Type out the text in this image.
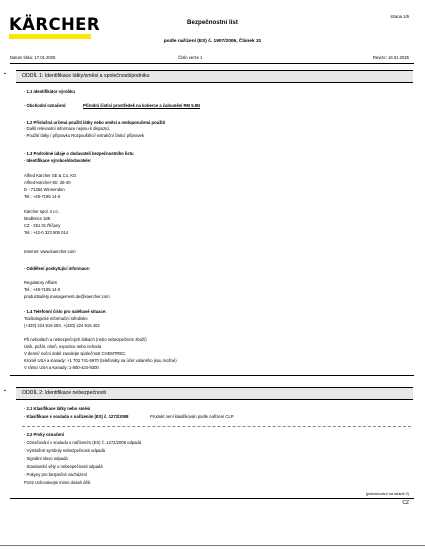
KÄRCHER	strana 1/6
Bezpečnostní list
podle nařízení (ES) č. 1907/2006, Článek 31
Datum tisku: 17.01.2025	Číslo verze 1	Revize: 16.01.2025
▪	ODDÍL 1: Identifikace látky/směsi a společnosti/podniku
· 1.1 Identifikátor výrobku
· Obchodní označení:	Přírodní čisticí prostředek na koberce a čalounění RM 5.5N
· 1.2 Příslušná určená použití látky nebo směsi a nedoporučená použití
· Další relevantní informace nejsou k dispozici.
· Použití látky / přípravku Rozpouštěcí/ extrakční čisticí přípravek
· 1.3 Podrobné údaje o dodavateli bezpečnostního listu
· Identifikace výrobce/dodavatele:
Alfred Kärcher SE & Co. KG
Alfred-Kärcher-Str. 28-40
D - 71364 Winnenden
Tel.: +49-7195 14-0
Kärcher spol. s r.o.
Modletice 185
CZ - 251 01 Říčany
Tel.: +42-0 323 606 014
Internet: www.kaercher.com
· Oddělení poskytující informace:
Regulatory Affairs
Tel.: +49-7195 14-0
productsafety.management.de@kaercher.com
· 1.4 Telefonní číslo pro naléhavé situace:
Toxikologické informační středisko
(+420) 224 919 293, +(420) 224 915 402
Při nehodách a nebezpečných látkách (nebo nebezpečném zboží)
Únik, požár, oheň, expozice nebo nehoda
V denní/ noční době zavolejte společnost CHEMTREC.
Kromě USA a Kanady: +1 703 741-5970 (telefonáty na účet volaného jsou možné)
V rámci USA a Kanady: 1-800-424-9300
▪	ODDÍL 2: Identifikace nebezpečnosti
· 2.1 Klasifikace látky nebo směsi
· Klasifikace v souladu s nařízením (ES) č. 1272/2008	Produkt není klasifikován podle nařízení CLP.
· 2.2 Prvky označení
· Označování v souladu s nařízením (ES) č. 1272/2008 odpadá
· Výstražné symboly nebezpečnosti odpadá
· Signální slovo odpadá
· Standardní věty o nebezpečnosti odpadá
· Pokyny pro bezpečné zacházení
P102 Uchovávejte mimo dosah dětí.
(pokračování na straně 2)
CZ
